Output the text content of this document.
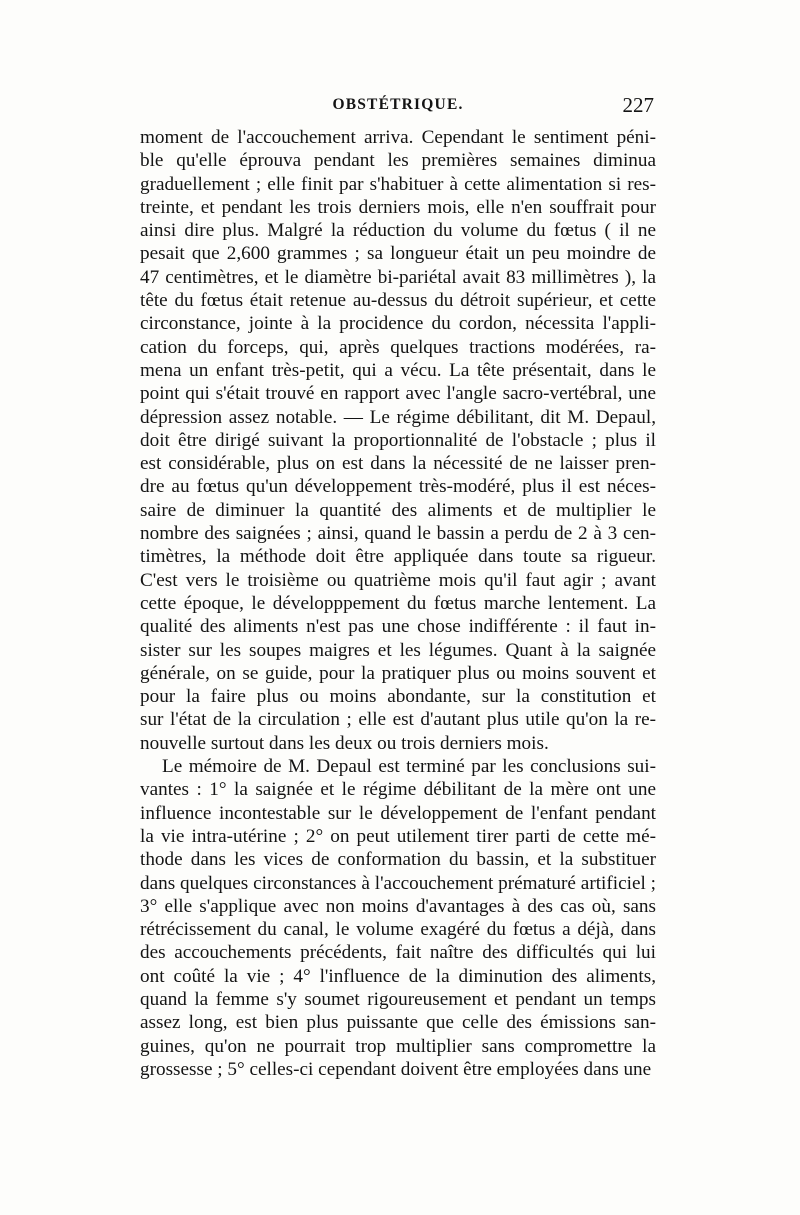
OBSTÉTRIQUE.	227
moment de l'accouchement arriva. Cependant le sentiment péni-
ble qu'elle éprouva pendant les premières semaines diminua
graduellement ; elle finit par s'habituer à cette alimentation si res-
treinte, et pendant les trois derniers mois, elle n'en souffrait pour
ainsi dire plus. Malgré la réduction du volume du fœtus ( il ne
pesait que 2,600 grammes ; sa longueur était un peu moindre de
47 centimètres, et le diamètre bi-pariétal avait 83 millimètres ), la
tête du fœtus était retenue au-dessus du détroit supérieur, et cette
circonstance, jointe à la procidence du cordon, nécessita l'appli-
cation du forceps, qui, après quelques tractions modérées, ra-
mena un enfant très-petit, qui a vécu. La tête présentait, dans le
point qui s'était trouvé en rapport avec l'angle sacro-vertébral, une
dépression assez notable. — Le régime débilitant, dit M. Depaul,
doit être dirigé suivant la proportionnalité de l'obstacle ; plus il
est considérable, plus on est dans la nécessité de ne laisser pren-
dre au fœtus qu'un développement très-modéré, plus il est néces-
saire de diminuer la quantité des aliments et de multiplier le
nombre des saignées ; ainsi, quand le bassin a perdu de 2 à 3 cen-
timètres, la méthode doit être appliquée dans toute sa rigueur.
C'est vers le troisième ou quatrième mois qu'il faut agir ; avant
cette époque, le développpement du fœtus marche lentement. La
qualité des aliments n'est pas une chose indifférente : il faut in-
sister sur les soupes maigres et les légumes. Quant à la saignée
générale, on se guide, pour la pratiquer plus ou moins souvent et
pour la faire plus ou moins abondante, sur la constitution et
sur l'état de la circulation ; elle est d'autant plus utile qu'on la re-
nouvelle surtout dans les deux ou trois derniers mois.
Le mémoire de M. Depaul est terminé par les conclusions sui-
vantes : 1° la saignée et le régime débilitant de la mère ont une
influence incontestable sur le développement de l'enfant pendant
la vie intra-utérine ; 2° on peut utilement tirer parti de cette mé-
thode dans les vices de conformation du bassin, et la substituer
dans quelques circonstances à l'accouchement prématuré artificiel ;
3° elle s'applique avec non moins d'avantages à des cas où, sans
rétrécissement du canal, le volume exagéré du fœtus a déjà, dans
des accouchements précédents, fait naître des difficultés qui lui
ont coûté la vie ; 4° l'influence de la diminution des aliments,
quand la femme s'y soumet rigoureusement et pendant un temps
assez long, est bien plus puissante que celle des émissions san-
guines, qu'on ne pourrait trop multiplier sans compromettre la
grossesse ; 5° celles-ci cependant doivent être employées dans une
